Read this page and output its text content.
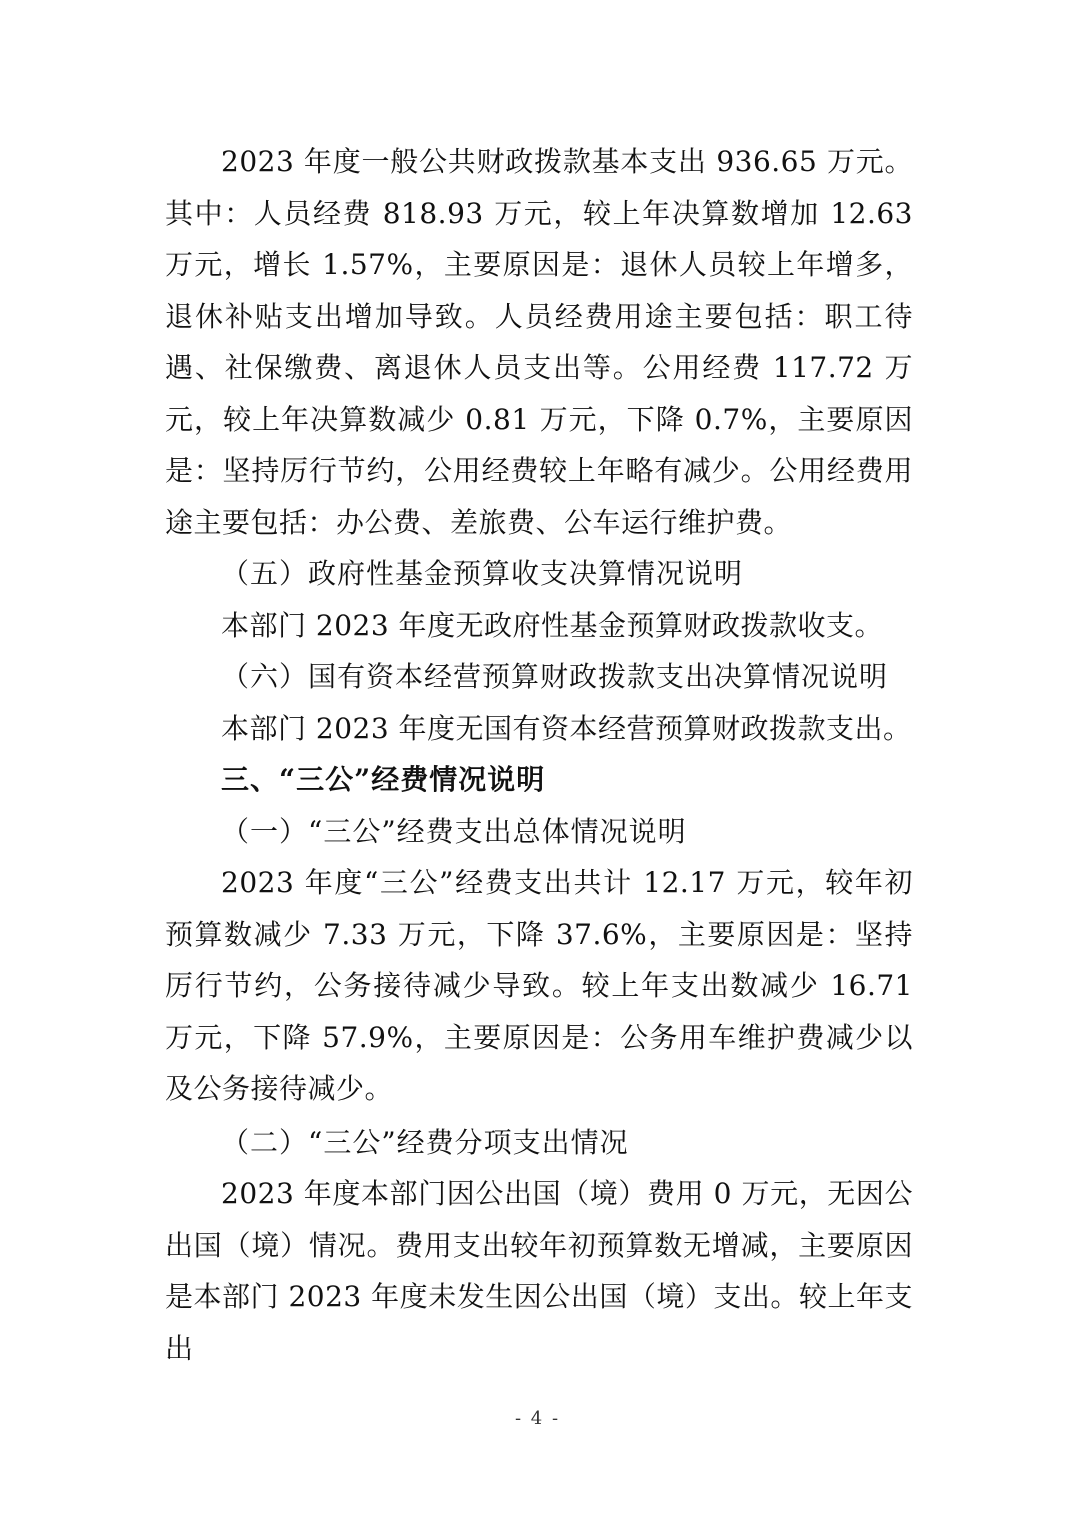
2023 年度一般公共财政拨款基本支出 936.65 万元。其中：人员经费 818.93 万元，较上年决算数增加 12.63 万元，增长 1.57%，主要原因是：退休人员较上年增多，退休补贴支出增加导致。人员经费用途主要包括：职工待遇、社保缴费、离退休人员支出等。公用经费 117.72 万元，较上年决算数减少 0.81 万元，下降 0.7%，主要原因是：坚持厉行节约，公用经费较上年略有减少。公用经费用途主要包括：办公费、差旅费、公车运行维护费。

（五）政府性基金预算收支决算情况说明

本部门 2023 年度无政府性基金预算财政拨款收支。

（六）国有资本经营预算财政拨款支出决算情况说明

本部门 2023 年度无国有资本经营预算财政拨款支出。

三、“三公”经费情况说明

（一）“三公”经费支出总体情况说明

2023 年度“三公”经费支出共计 12.17 万元，较年初预算数减少 7.33 万元，下降 37.6%，主要原因是：坚持厉行节约，公务接待减少导致。较上年支出数减少 16.71 万元，下降 57.9%，主要原因是：公务用车维护费减少以及公务接待减少。

（二）“三公”经费分项支出情况

2023 年度本部门因公出国（境）费用 0 万元，无因公出国（境）情况。费用支出较年初预算数无增减，主要原因是本部门 2023 年度未发生因公出国（境）支出。较上年支出

- 4 -
